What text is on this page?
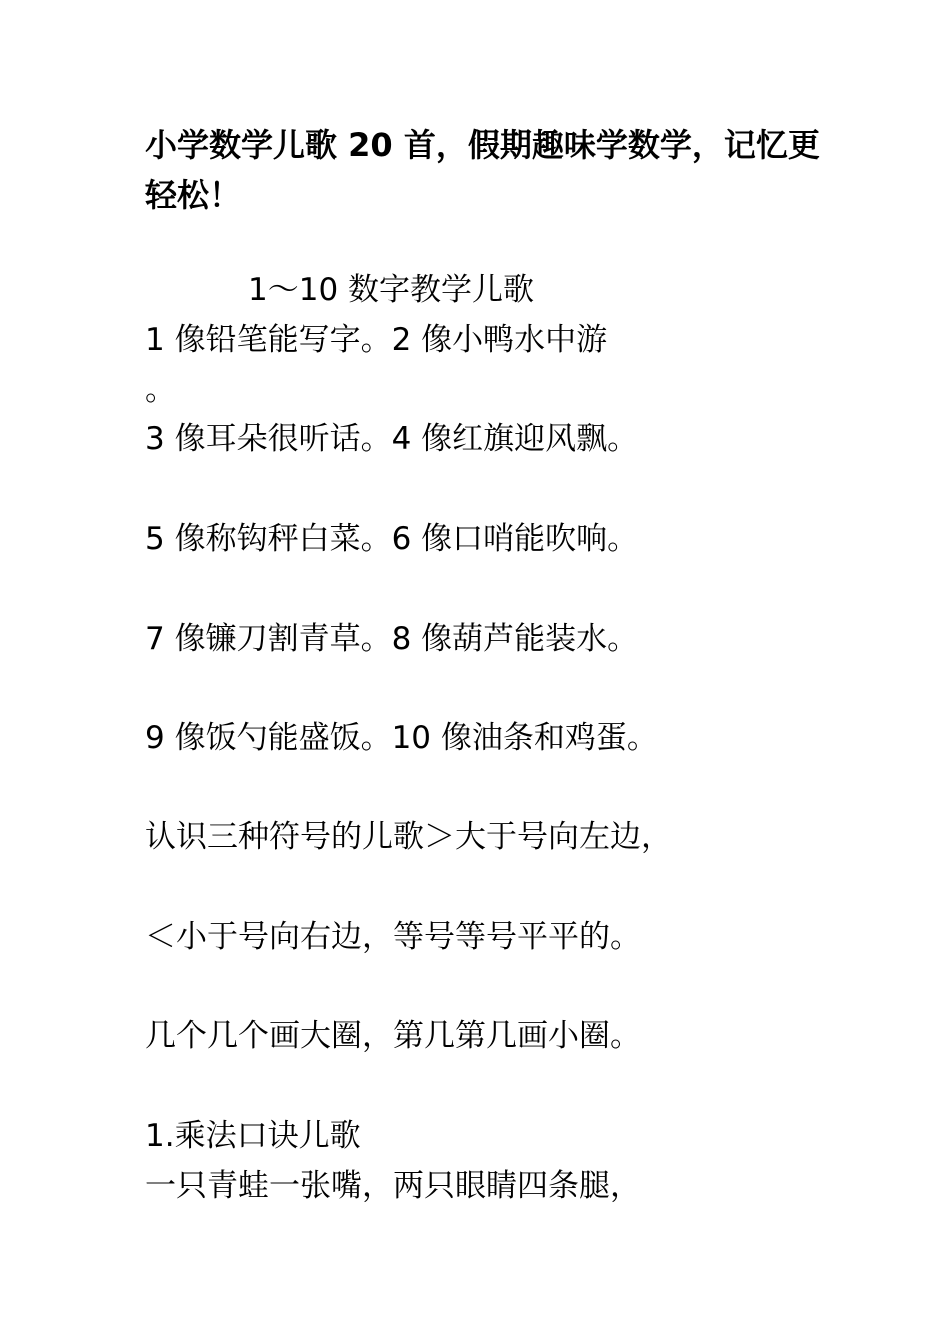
小学数学儿歌 20 首，假期趣味学数学，记忆更轻松！

1～10 数字教学儿歌

1 像铅笔能写字。2 像小鸭水中游

。

3 像耳朵很听话。4 像红旗迎风飘。

5 像称钩秤白菜。6 像口哨能吹响。

7 像镰刀割青草。8 像葫芦能装水。

9 像饭勺能盛饭。10 像油条和鸡蛋。

认识三种符号的儿歌＞大于号向左边，

＜小于号向右边，等号等号平平的。

几个几个画大圈，第几第几画小圈。

1.乘法口诀儿歌

一只青蛙一张嘴，两只眼睛四条腿，
